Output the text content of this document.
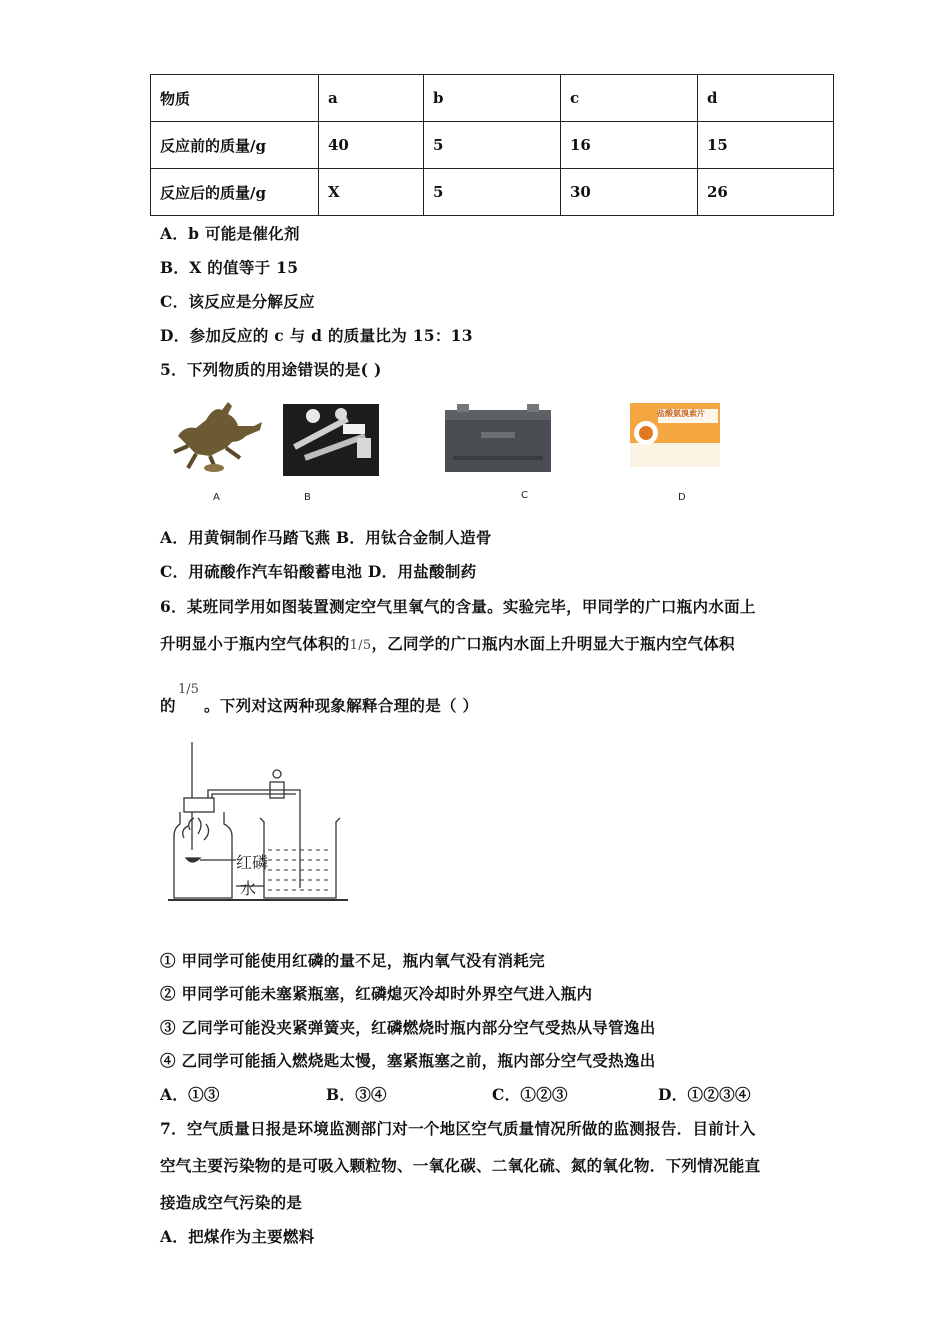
物质	a	b	c	d
反应前的质量/g	40	5	16	15
反应后的质量/g	X	5	30	26
A．b 可能是催化剂
B．X 的值等于 15
C．该反应是分解反应
D．参加反应的 c 与 d 的质量比为 15：13
5．下列物质的用途错误的是( )
A	B	C
盐酸氨溴索片
D
A．用黄铜制作马踏飞燕 B．用钛合金制人造骨
C．用硫酸作汽车铅酸蓄电池 D．用盐酸制药
6．某班同学用如图装置测定空气里氧气的含量。实验完毕，甲同学的广口瓶内水面上
升明显小于瓶内空气体积的1/5，乙同学的广口瓶内水面上升明显大于瓶内空气体积
的
1/5
。下列对这两种现象解释合理的是（ ）
红磷
水
① 甲同学可能使用红磷的量不足，瓶内氧气没有消耗完
② 甲同学可能未塞紧瓶塞，红磷熄灭冷却时外界空气进入瓶内
③ 乙同学可能没夹紧弹簧夹，红磷燃烧时瓶内部分空气受热从导管逸出
④ 乙同学可能插入燃烧匙太慢，塞紧瓶塞之前，瓶内部分空气受热逸出
A．①③	B．③④	C．①②③	D．①②③④
7．空气质量日报是环境监测部门对一个地区空气质量情况所做的监测报告．目前计入
空气主要污染物的是可吸入颗粒物、一氧化碳、二氧化硫、氮的氧化物．下列情况能直
接造成空气污染的是
A．把煤作为主要燃料
